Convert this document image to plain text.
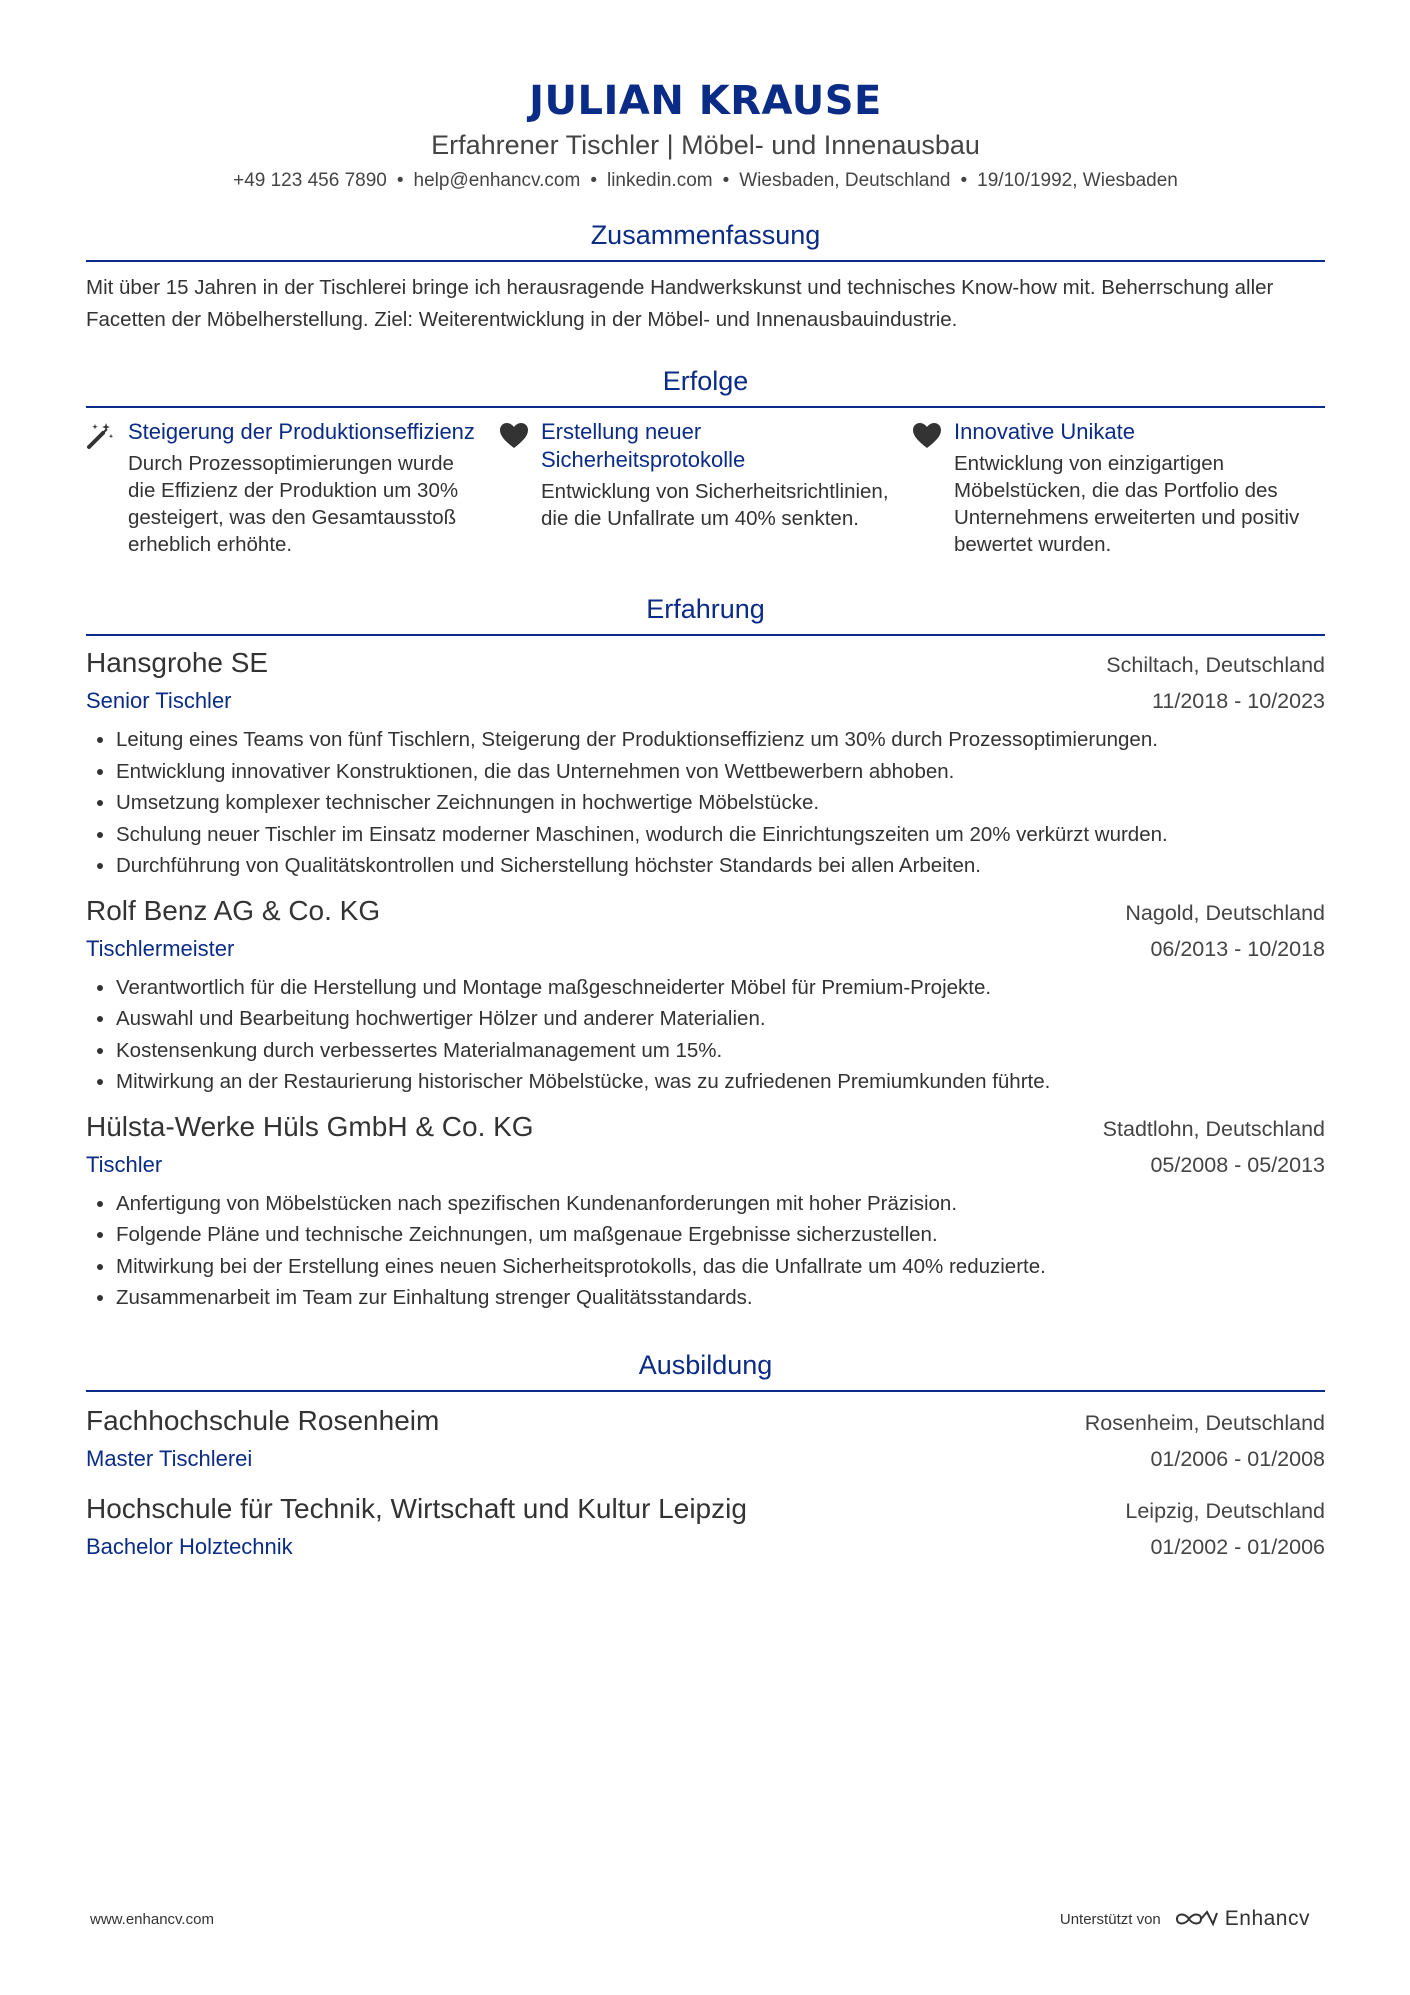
JULIAN KRAUSE
Erfahrener Tischler | Möbel- und Innenausbau
+49 123 456 7890 • help@enhancv.com • linkedin.com • Wiesbaden, Deutschland • 19/10/1992, Wiesbaden
Zusammenfassung
Mit über 15 Jahren in der Tischlerei bringe ich herausragende Handwerkskunst und technisches Know-how mit. Beherrschung aller Facetten der Möbelherstellung. Ziel: Weiterentwicklung in der Möbel- und Innenausbauindustrie.
Erfolge
Steigerung der Produktionseffizienz
Durch Prozessoptimierungen wurde die Effizienz der Produktion um 30% gesteigert, was den Gesamtausstoß erheblich erhöhte.
Erstellung neuer Sicherheitsprotokolle
Entwicklung von Sicherheitsrichtlinien, die die Unfallrate um 40% senkten.
Innovative Unikate
Entwicklung von einzigartigen Möbelstücken, die das Portfolio des Unternehmens erweiterten und positiv bewertet wurden.
Erfahrung
Hansgrohe SE	Schiltach, Deutschland
Senior Tischler	11/2018 - 10/2023
• Leitung eines Teams von fünf Tischlern, Steigerung der Produktionseffizienz um 30% durch Prozessoptimierungen.
• Entwicklung innovativer Konstruktionen, die das Unternehmen von Wettbewerbern abhoben.
• Umsetzung komplexer technischer Zeichnungen in hochwertige Möbelstücke.
• Schulung neuer Tischler im Einsatz moderner Maschinen, wodurch die Einrichtungszeiten um 20% verkürzt wurden.
• Durchführung von Qualitätskontrollen und Sicherstellung höchster Standards bei allen Arbeiten.
Rolf Benz AG & Co. KG	Nagold, Deutschland
Tischlermeister	06/2013 - 10/2018
• Verantwortlich für die Herstellung und Montage maßgeschneiderter Möbel für Premium-Projekte.
• Auswahl und Bearbeitung hochwertiger Hölzer und anderer Materialien.
• Kostensenkung durch verbessertes Materialmanagement um 15%.
• Mitwirkung an der Restaurierung historischer Möbelstücke, was zu zufriedenen Premiumkunden führte.
Hülsta-Werke Hüls GmbH & Co. KG	Stadtlohn, Deutschland
Tischler	05/2008 - 05/2013
• Anfertigung von Möbelstücken nach spezifischen Kundenanforderungen mit hoher Präzision.
• Folgende Pläne und technische Zeichnungen, um maßgenaue Ergebnisse sicherzustellen.
• Mitwirkung bei der Erstellung eines neuen Sicherheitsprotokolls, das die Unfallrate um 40% reduzierte.
• Zusammenarbeit im Team zur Einhaltung strenger Qualitätsstandards.
Ausbildung
Fachhochschule Rosenheim	Rosenheim, Deutschland
Master Tischlerei	01/2006 - 01/2008
Hochschule für Technik, Wirtschaft und Kultur Leipzig	Leipzig, Deutschland
Bachelor Holztechnik	01/2002 - 01/2006
www.enhancv.com	Unterstützt von	Enhancv
